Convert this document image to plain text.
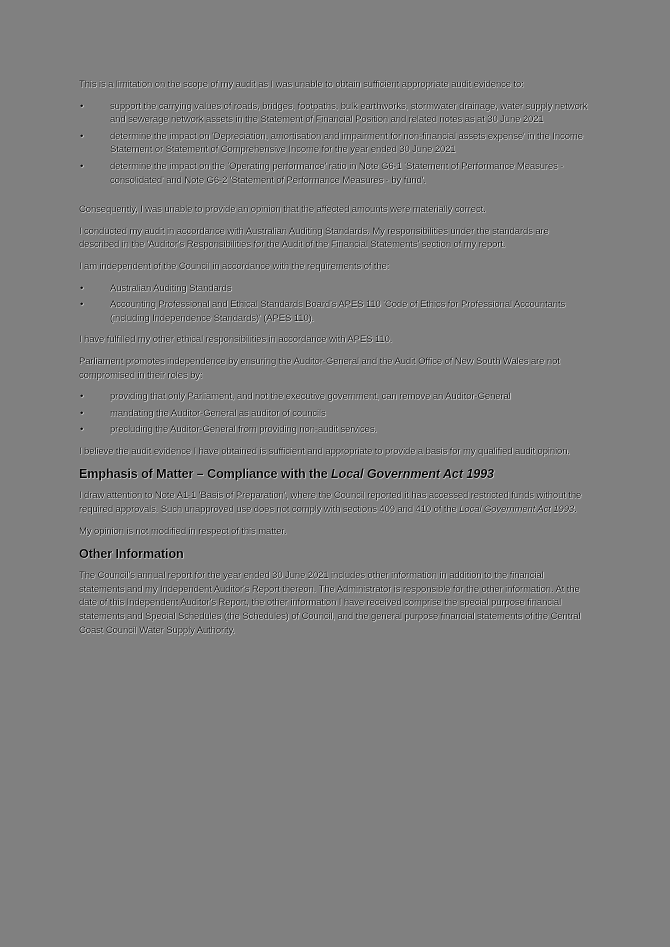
This is a limitation on the scope of my audit as I was unable to obtain sufficient appropriate audit evidence to:

•	support the carrying values of roads, bridges, footpaths, bulk earthworks, stormwater drainage, water supply network and sewerage network assets in the Statement of Financial Position and related notes as at 30 June 2021
•	determine the impact on 'Depreciation, amortisation and impairment for non-financial assets expense' in the Income Statement or Statement of Comprehensive Income for the year ended 30 June 2021
•	determine the impact on the 'Operating performance' ratio in Note G6-1 'Statement of Performance Measures - consolidated' and Note G6-2 'Statement of Performance Measures - by fund'.

Consequently, I was unable to provide an opinion that the affected amounts were materially correct.

I conducted my audit in accordance with Australian Auditing Standards. My responsibilities under the standards are described in the 'Auditor's Responsibilities for the Audit of the Financial Statements' section of my report.

I am independent of the Council in accordance with the requirements of the:

•	Australian Auditing Standards
•	Accounting Professional and Ethical Standards Board's APES 110 'Code of Ethics for Professional Accountants (including Independence Standards)' (APES 110).

I have fulfilled my other ethical responsibilities in accordance with APES 110.

Parliament promotes independence by ensuring the Auditor-General and the Audit Office of New South Wales are not compromised in their roles by:

•	providing that only Parliament, and not the executive government, can remove an Auditor-General
•	mandating the Auditor-General as auditor of councils
•	precluding the Auditor-General from providing non-audit services.

I believe the audit evidence I have obtained is sufficient and appropriate to provide a basis for my qualified audit opinion.

Emphasis of Matter – Compliance with the Local Government Act 1993

I draw attention to Note A1-1 'Basis of Preparation', where the Council reported it has accessed restricted funds without the required approvals. Such unapproved use does not comply with sections 409 and 410 of the Local Government Act 1993.

My opinion is not modified in respect of this matter.

Other Information

The Council's annual report for the year ended 30 June 2021 includes other information in addition to the financial statements and my Independent Auditor's Report thereon. The Administrator is responsible for the other information. At the date of this Independent Auditor's Report, the other information I have received comprise the special purpose financial statements and Special Schedules (the Schedules) of Council, and the general purpose financial statements of the Central Coast Council Water Supply Authority.
